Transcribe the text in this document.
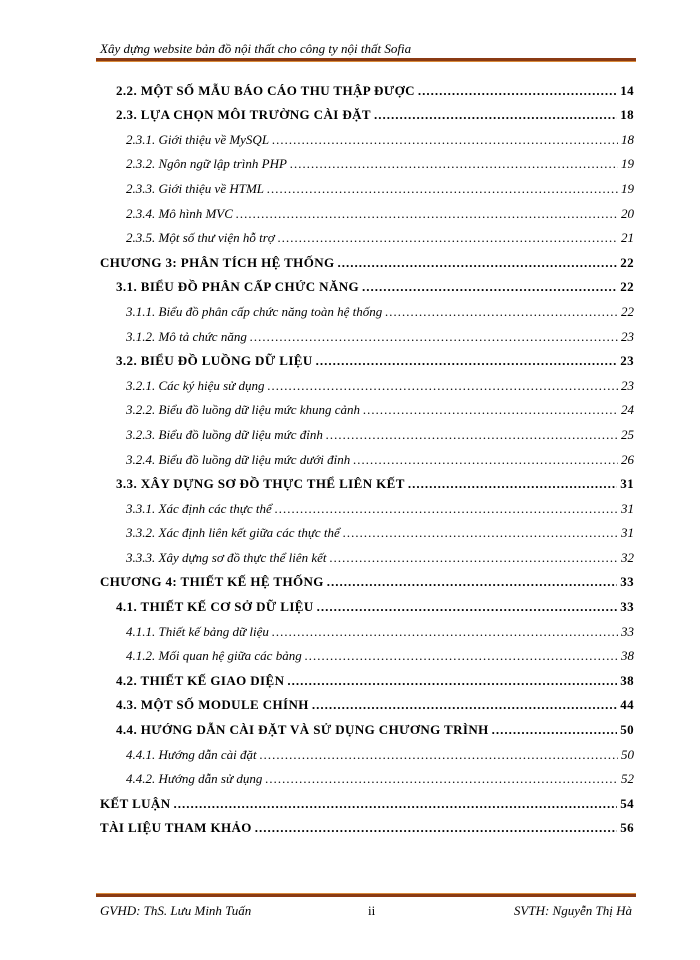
Xây dựng website bản đồ nội thất cho công ty nội thất Sofia
2.2. MỘT SỐ MẪU BÁO CÁO THU THẬP ĐƯỢC .....	14
2.3. LỰA CHỌN MÔI TRƯỜNG CÀI ĐẶT .....	18
2.3.1. Giới thiệu về MySQL .....	18
2.3.2. Ngôn ngữ lập trình PHP .....	19
2.3.3. Giới thiệu về HTML .....	19
2.3.4. Mô hình MVC .....	20
2.3.5. Một số thư viện hỗ trợ .....	21
CHƯƠNG 3: PHÂN TÍCH HỆ THỐNG .....	22
3.1. BIỂU ĐỒ PHÂN CẤP CHỨC NĂNG .....	22
3.1.1. Biểu đồ phân cấp chức năng toàn hệ thống .....	22
3.1.2. Mô tả chức năng .....	23
3.2. BIỂU ĐỒ LUỒNG DỮ LIỆU .....	23
3.2.1. Các ký hiệu sử dụng .....	23
3.2.2. Biểu đồ luồng dữ liệu mức khung cảnh .....	24
3.2.3. Biểu đồ luồng dữ liệu mức đỉnh .....	25
3.2.4. Biểu đồ luồng dữ liệu mức dưới đỉnh .....	26
3.3. XÂY DỰNG SƠ ĐỒ THỰC THỂ LIÊN KẾT .....	31
3.3.1. Xác định các thực thể .....	31
3.3.2. Xác định liên kết giữa các thực thể .....	31
3.3.3. Xây dựng sơ đồ thực thể liên kết .....	32
CHƯƠNG 4: THIẾT KẾ HỆ THỐNG .....	33
4.1. THIẾT KẾ CƠ SỞ DỮ LIỆU .....	33
4.1.1. Thiết kế bảng dữ liệu .....	33
4.1.2. Mối quan hệ giữa các bảng .....	38
4.2. THIẾT KẾ GIAO DIỆN .....	38
4.3. MỘT SỐ MODULE CHÍNH .....	44
4.4. HƯỚNG DẪN CÀI ĐẶT VÀ SỬ DỤNG CHƯƠNG TRÌNH .....	50
4.4.1. Hướng dẫn cài đặt .....	50
4.4.2. Hướng dẫn sử dụng .....	52
KẾT LUẬN .....	54
TÀI LIỆU THAM KHẢO .....	56
GVHD: ThS. Lưu Minh Tuấn	ii	SVTH: Nguyễn Thị Hà
